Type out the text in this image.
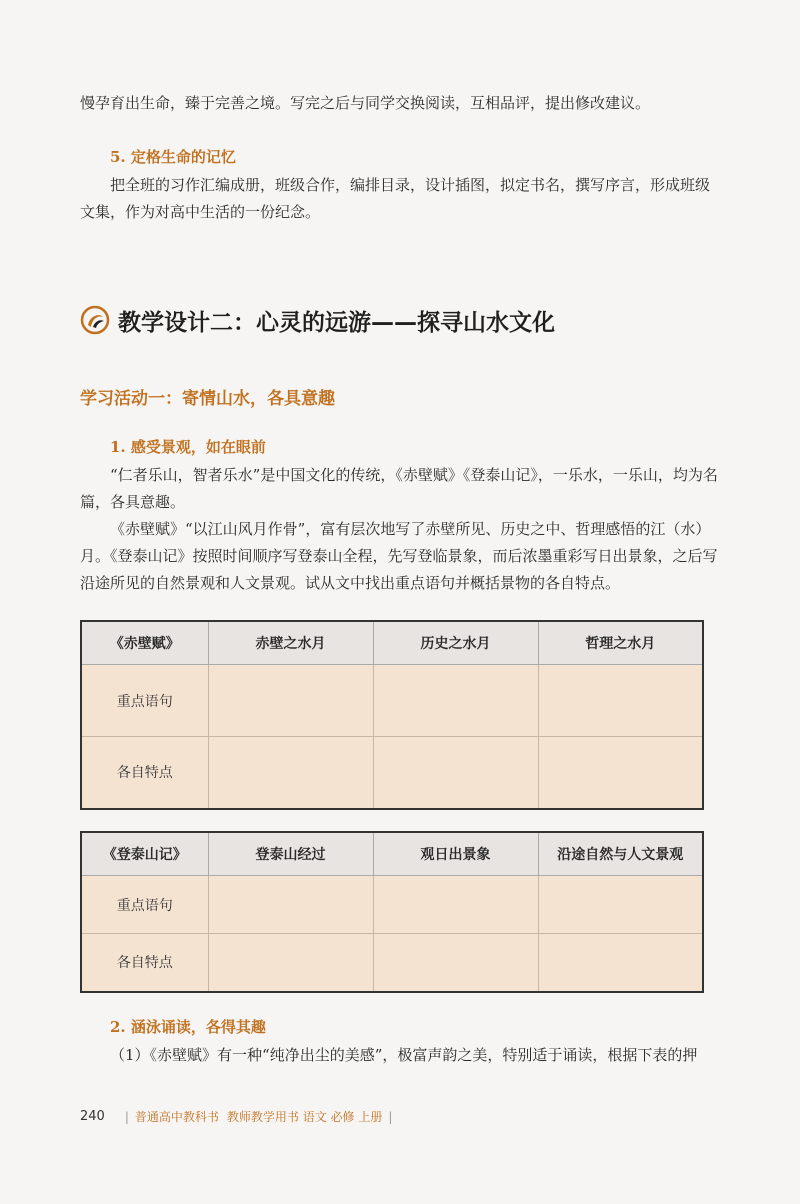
慢孕育出生命，臻于完善之境。写完之后与同学交换阅读，互相品评，提出修改建议。

5. 定格生命的记忆

把全班的习作汇编成册，班级合作，编排目录，设计插图，拟定书名，撰写序言，形成班级文集，作为对高中生活的一份纪念。

教学设计二：心灵的远游——探寻山水文化
学习活动一：寄情山水，各具意趣
1. 感受景观，如在眼前

“仁者乐山，智者乐水”是中国文化的传统，《赤壁赋》《登泰山记》，一乐水，一乐山，均为名篇，各具意趣。

《赤壁赋》“以江山风月作骨”，富有层次地写了赤壁所见、历史之中、哲理感悟的江（水）月。《登泰山记》按照时间顺序写登泰山全程，先写登临景象，而后浓墨重彩写日出景象，之后写沿途所见的自然景观和人文景观。试从文中找出重点语句并概括景物的各自特点。

《赤壁赋》	赤壁之水月	历史之水月	哲理之水月
重点语句			
各自特点			
《登泰山记》	登泰山经过	观日出景象	沿途自然与人文景观
重点语句			
各自特点			
2. 涵泳诵读，各得其趣

（1）《赤壁赋》有一种“纯净出尘的美感”，极富声韵之美，特别适于诵读，根据下表的押

240 | 普通高中教科书 教师教学用书 语文 必修 上册 |
